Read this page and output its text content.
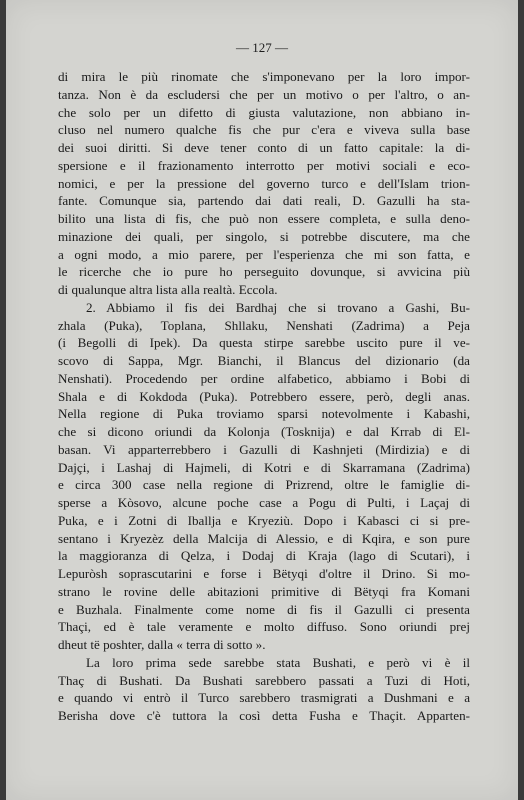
— 127 —
di mira le più rinomate che s'imponevano per la loro impor-
tanza. Non è da escludersi che per un motivo o per l'altro, o an-
che solo per un difetto di giusta valutazione, non abbiano in-
cluso nel numero qualche fis che pur c'era e viveva sulla base
dei suoi diritti. Si deve tener conto di un fatto capitale: la di-
spersione e il frazionamento interrotto per motivi sociali e eco-
nomici, e per la pressione del governo turco e dell'Islam trion-
fante. Comunque sia, partendo dai dati reali, D. Gazulli ha sta-
bilito una lista di fis, che può non essere completa, e sulla deno-
minazione dei quali, per singolo, si potrebbe discutere, ma che
a ogni modo, a mio parere, per l'esperienza che mi son fatta, e
le ricerche che io pure ho perseguito dovunque, si avvicina più
di qualunque altra lista alla realtà. Eccola.
2. Abbiamo il fis dei Bardhaj che si trovano a Gashi, Bu-
zhala (Puka), Toplana, Shllaku, Nenshati (Zadrima) a Peja
(i Begolli di Ipek). Da questa stirpe sarebbe uscito pure il ve-
scovo di Sappa, Mgr. Bianchi, il Blancus del dizionario (da
Nenshati). Procedendo per ordine alfabetico, abbiamo i Bobi di
Shala e di Kokdoda (Puka). Potrebbero essere, però, degli anas.
Nella regione di Puka troviamo sparsi notevolmente i Kabashi,
che si dicono oriundi da Kolonja (Tosknija) e dal Krrab di El-
basan. Vi apparterrebbero i Gazulli di Kashnjeti (Mirdizia) e di
Dajçi, i Lashaj di Hajmeli, di Kotri e di Skarramana (Zadrima)
e circa 300 case nella regione di Prizrend, oltre le famiglie di-
sperse a Kòsovo, alcune poche case a Pogu di Pulti, i Laçaj di
Puka, e i Zotni di Iballja e Kryeziù. Dopo i Kabasci ci si pre-
sentano i Kryezèz della Malcija di Alessio, e di Kqira, e son pure
la maggioranza di Qelza, i Dodaj di Kraja (lago di Scutari), i
Lepuròsh soprascutarini e forse i Bëtyqi d'oltre il Drino. Si mo-
strano le rovine delle abitazioni primitive di Bëtyqi fra Komani
e Buzhala. Finalmente come nome di fis il Gazulli ci presenta
Thaçi, ed è tale veramente e molto diffuso. Sono oriundi prej
dheut të poshter, dalla « terra di sotto ».
La loro prima sede sarebbe stata Bushati, e però vi è il
Thaç di Bushati. Da Bushati sarebbero passati a Tuzi di Hoti,
e quando vi entrò il Turco sarebbero trasmigrati a Dushmani e a
Berisha dove c'è tuttora la così detta Fusha e Thaçit. Apparten-
